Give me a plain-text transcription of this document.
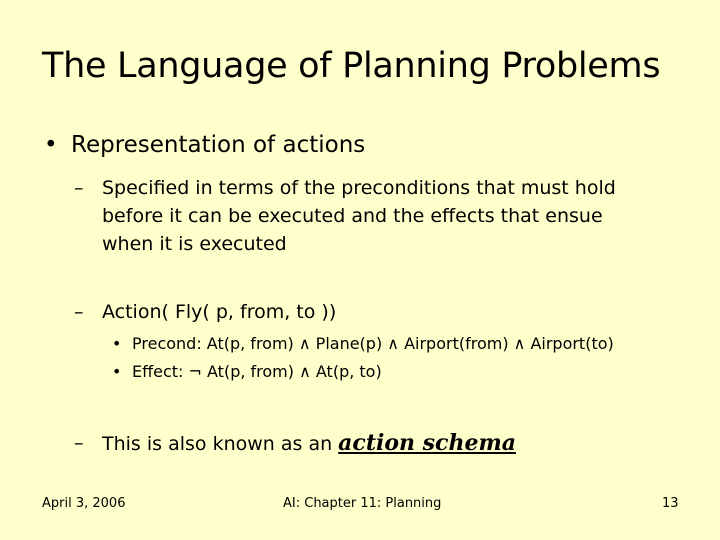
The Language of Planning Problems
• Representation of actions
– Specified in terms of the preconditions that must hold
before it can be executed and the effects that ensue
when it is executed
– Action( Fly( p, from, to ))
• Precond: At(p, from) ∧ Plane(p) ∧ Airport(from) ∧ Airport(to)
• Effect: ¬ At(p, from) ∧ At(p, to)
– This is also known as an action schema
April 3, 2006	AI: Chapter 11: Planning	13
